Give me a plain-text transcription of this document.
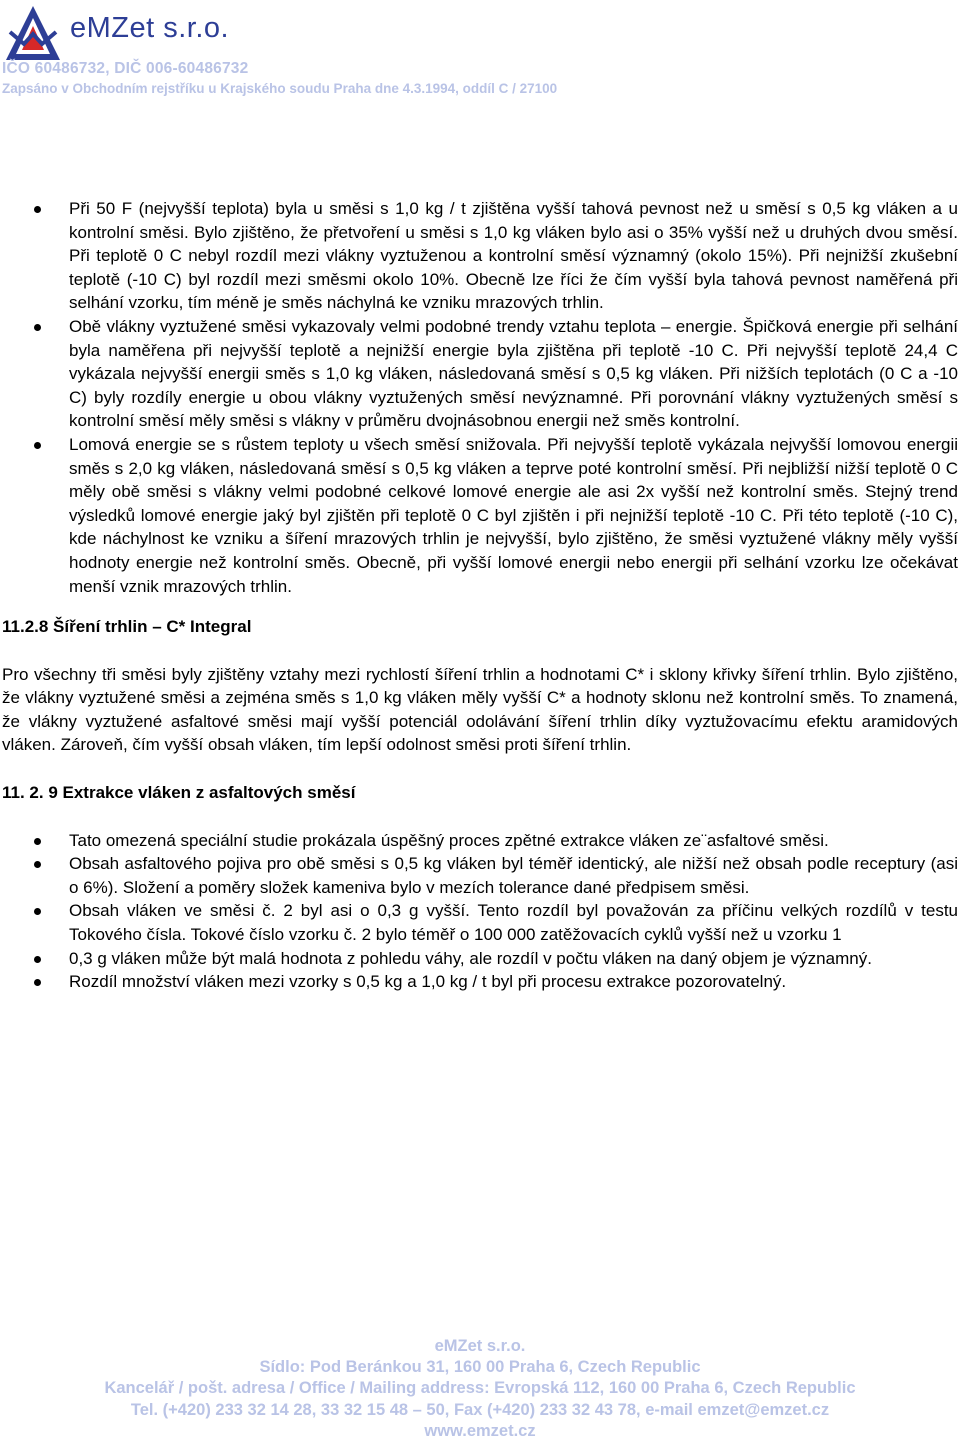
eMZet s.r.o.
IČO 60486732, DIČ 006-60486732
Zapsáno v Obchodním rejstříku u Krajského soudu Praha dne 4.3.1994, oddíl C / 27100
Při 50 F (nejvyšší teplota) byla u směsi s 1,0 kg / t zjištěna vyšší tahová pevnost než u směsí s 0,5 kg vláken a u kontrolní směsi. Bylo zjištěno, že přetvoření u směsi s 1,0 kg vláken bylo asi o 35% vyšší než u druhých dvou směsí. Při teplotě 0 C nebyl rozdíl mezi vlákny vyztuženou a kontrolní směsí významný (okolo 15%). Při nejnižší zkušební teplotě (-10 C) byl rozdíl mezi směsmi okolo 10%. Obecně lze říci že čím vyšší byla tahová pevnost naměřená při selhání vzorku, tím méně je směs náchylná ke vzniku mrazových trhlin.
Obě vlákny vyztužené směsi vykazovaly velmi podobné trendy vztahu teplota – energie. Špičková energie při selhání byla naměřena při nejvyšší teplotě a nejnižší energie byla zjištěna při teplotě -10 C. Při nejvyšší teplotě 24,4 C vykázala nejvyšší energii směs s 1,0 kg vláken, následovaná směsí s 0,5 kg vláken. Při nižších teplotách (0 C a -10 C) byly rozdíly energie u obou vlákny vyztužených směsí nevýznamné. Při porovnání vlákny vyztužených směsí s kontrolní směsí měly směsi s vlákny v průměru dvojnásobnou energii než směs kontrolní.
Lomová energie se s růstem teploty u všech směsí snižovala. Při nejvyšší teplotě vykázala nejvyšší lomovou energii směs s 2,0 kg vláken, následovaná směsí s 0,5 kg vláken a teprve poté kontrolní směsí. Při nejbližší nižší teplotě 0 C měly obě směsi s vlákny velmi podobné celkové lomové energie ale asi 2x vyšší než kontrolní směs. Stejný trend výsledků lomové energie jaký byl zjištěn při teplotě 0 C byl zjištěn i při nejnižší teplotě -10 C. Při této teplotě (-10 C), kde náchylnost ke vzniku a šíření mrazových trhlin je nejvyšší, bylo zjištěno, že směsi vyztužené vlákny měly vyšší hodnoty energie než kontrolní směs. Obecně, při vyšší lomové energii nebo energii při selhání vzorku lze očekávat menší vznik mrazových trhlin.
11.2.8 Šíření trhlin – C* Integral
Pro všechny tři směsi byly zjištěny vztahy mezi rychlostí šíření trhlin a hodnotami C* i sklony křivky šíření trhlin. Bylo zjištěno, že vlákny vyztužené směsi a zejména směs s 1,0 kg vláken měly vyšší C* a hodnoty sklonu než kontrolní směs. To znamená, že vlákny vyztužené asfaltové směsi mají vyšší potenciál odolávání šíření trhlin díky vyztužovacímu efektu aramidových vláken. Zároveň, čím vyšší obsah vláken, tím lepší odolnost směsi proti šíření trhlin.
11. 2. 9 Extrakce vláken z asfaltových směsí
Tato omezená speciální studie prokázala úspěšný proces zpětné extrakce vláken ze¨asfaltové směsi.
Obsah asfaltového pojiva pro obě směsi s 0,5 kg vláken byl téměř identický, ale nižší než obsah podle receptury (asi o 6%). Složení a poměry složek kameniva bylo v mezích tolerance dané předpisem směsi.
Obsah vláken ve směsi č. 2 byl asi o 0,3 g vyšší. Tento rozdíl byl považován za příčinu velkých rozdílů v testu Tokového čísla. Tokové číslo vzorku č. 2 bylo téměř o 100 000 zatěžovacích cyklů vyšší než u vzorku 1
0,3 g vláken může být malá hodnota z pohledu váhy, ale rozdíl v počtu vláken na daný objem je významný.
Rozdíl množství vláken mezi vzorky s 0,5 kg a 1,0 kg / t byl při procesu extrakce pozorovatelný.
eMZet s.r.o.
Sídlo: Pod Beránkou 31, 160 00 Praha 6, Czech Republic
Kancelář / pošt. adresa / Office / Mailing address: Evropská 112, 160 00 Praha 6, Czech Republic
Tel. (+420) 233 32 14 28, 33 32 15 48 – 50, Fax (+420) 233 32 43 78, e-mail emzet@emzet.cz
www.emzet.cz
